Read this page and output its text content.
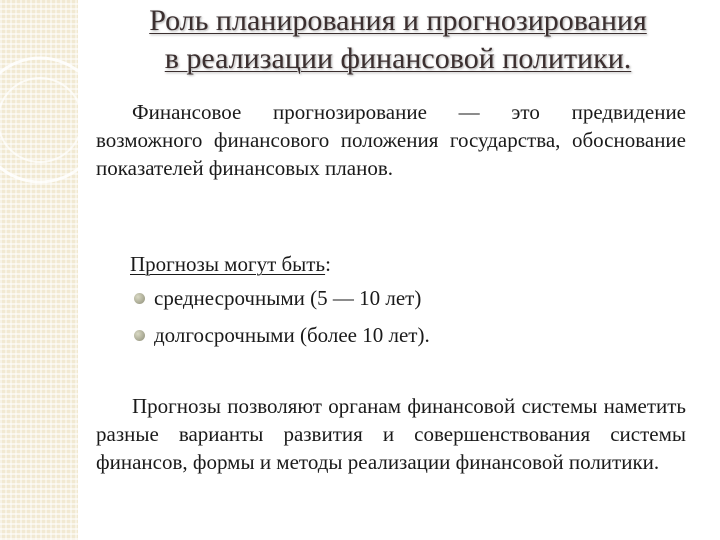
Роль планирования и прогнозирования
в реализации финансовой политики.

Финансовое прогнозирование — это предвидение возможного финансового положения государства, обоснование показателей финансовых планов.

Прогнозы могут быть:
среднесрочными (5 — 10 лет)
долгосрочными (более 10 лет).

Прогнозы позволяют органам финансовой системы наметить разные варианты развития и совершенствования системы финансов, формы и методы реализации финансовой политики.
